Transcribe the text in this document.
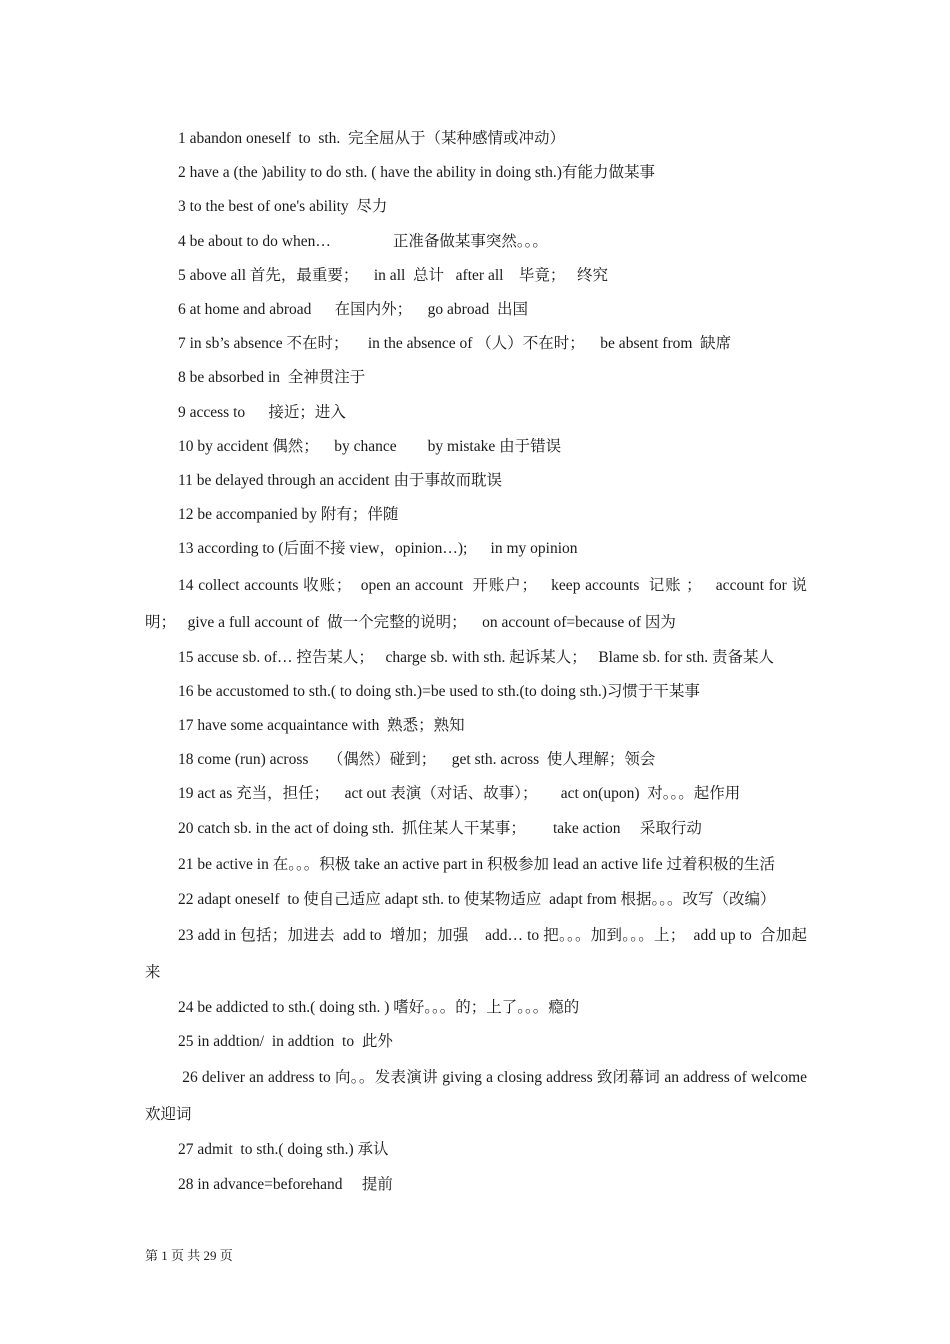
1 abandon oneself  to  sth.  完全屈从于（某种感情或冲动）

2 have a (the )ability to do sth. ( have the ability in doing sth.)有能力做某事

3 to the best of one's ability  尽力

4 be about to do when…                正准备做某事突然。。。

5 above all 首先，最重要；    in all  总计   after all    毕竟；   终究

6 at home and abroad      在国内外；    go abroad  出国

7 in sb’s absence 不在时；     in the absence of （人）不在时；    be absent from  缺席

8 be absorbed in  全神贯注于

9 access to      接近；进入

10 by accident 偶然；    by chance        by mistake 由于错误

11 be delayed through an accident 由于事故而耽误

12 be accompanied by 附有；伴随

13 according to (后面不接 view，opinion…);      in my opinion

14 collect accounts 收账；  open an account  开账户；   keep accounts  记账 ；   account for 说明；   give a full account of  做一个完整的说明；    on account of=because of 因为

15 accuse sb. of… 控告某人；   charge sb. with sth. 起诉某人；   Blame sb. for sth. 责备某人

16 be accustomed to sth.( to doing sth.)=be used to sth.(to doing sth.)习惯于干某事

17 have some acquaintance with  熟悉；熟知

18 come (run) across     （偶然）碰到；    get sth. across  使人理解；领会

19 act as 充当，担任；    act out 表演（对话、故事）；      act on(upon)  对。。。起作用

20 catch sb. in the act of doing sth.  抓住某人干某事；       take action     采取行动

21 be active in 在。。。积极 take an active part in 积极参加 lead an active life 过着积极的生活

22 adapt oneself  to 使自己适应 adapt sth. to 使某物适应  adapt from 根据。。。改写（改编）

23 add in 包括；加进去  add to  增加；加强    add… to 把。。。加到。。。上；  add up to  合加起来

24 be addicted to sth.( doing sth. ) 嗜好。。。的；上了。。。瘾的

25 in addtion/  in addtion  to  此外

26 deliver an address to 向。。发表演讲 giving a closing address 致闭幕词 an address of welcome 欢迎词

27 admit  to sth.( doing sth.) 承认

28 in advance=beforehand     提前

第 1 页 共 29 页
